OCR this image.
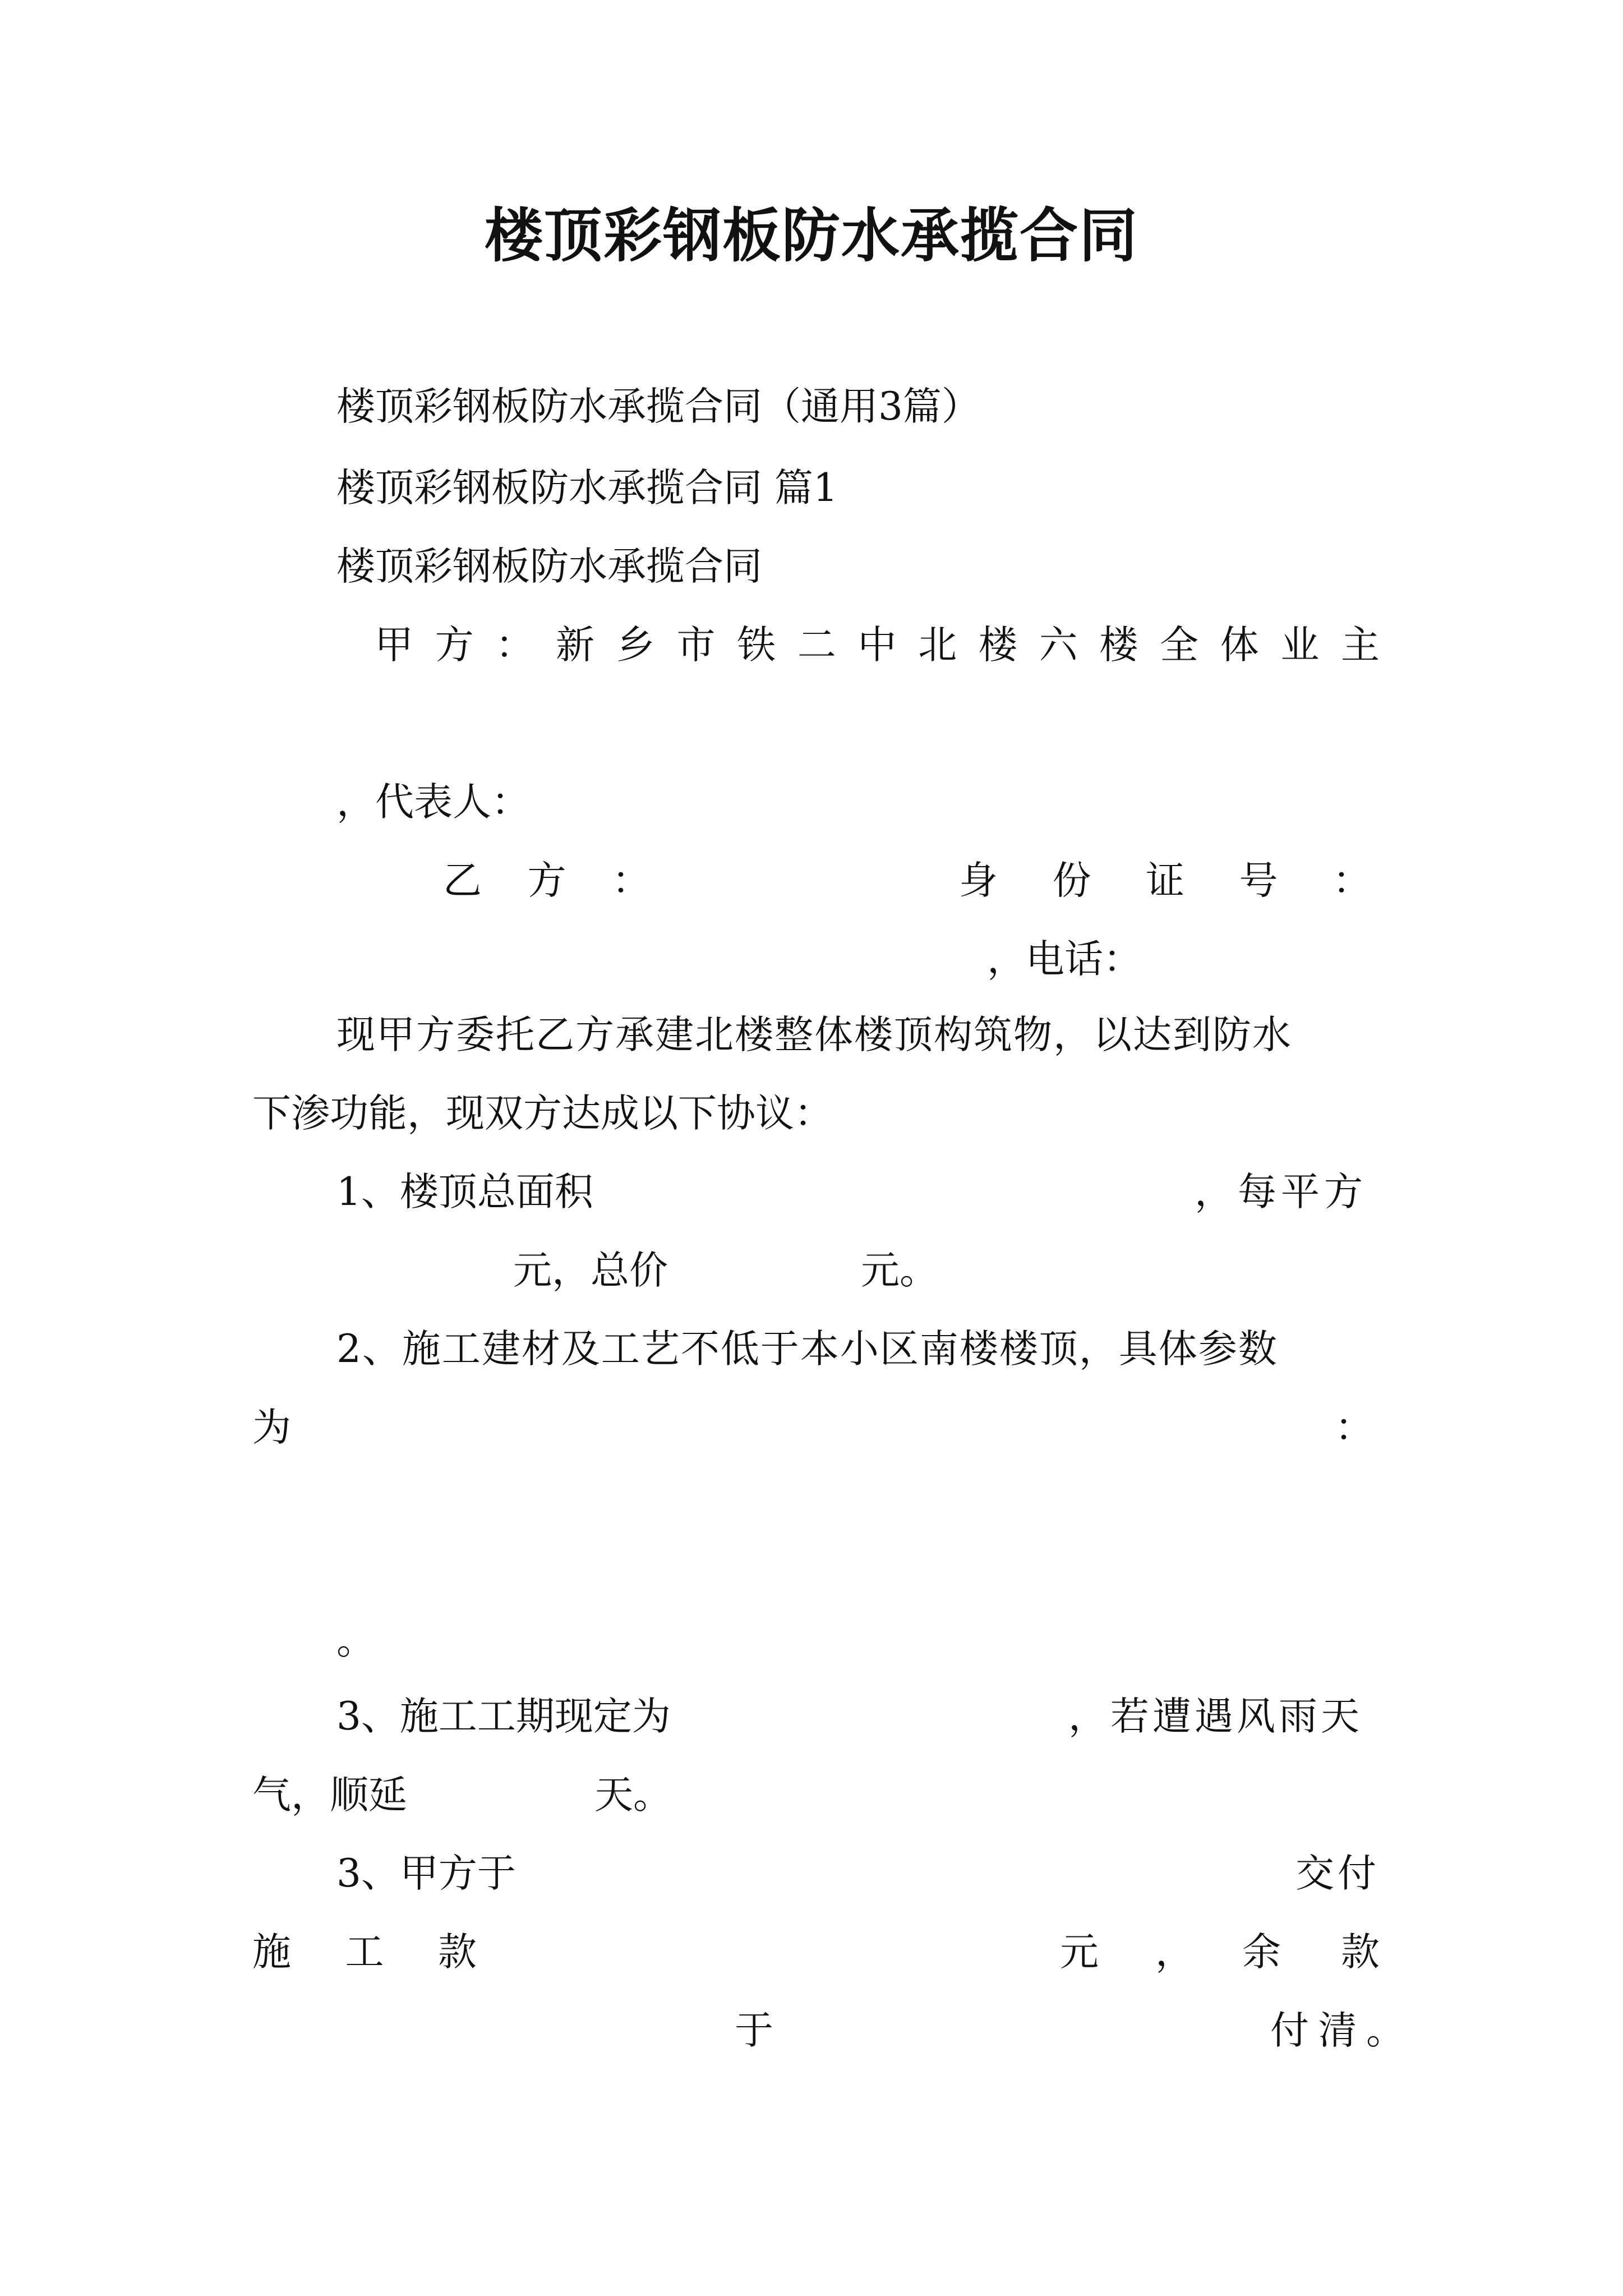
楼顶彩钢板防水承揽合同
楼顶彩钢板防水承揽合同（通用3篇）
楼顶彩钢板防水承揽合同 篇1
楼顶彩钢板防水承揽合同
甲 方 ： 新 乡 市 铁 二 中 北 楼 六 楼 全 体 业 主
，代表人：
乙 方 ：	身 份 证 号 ：
，电话：
现甲方委托乙方承建北楼整体楼顶构筑物，以达到防水
下渗功能，现双方达成以下协议：
1、楼顶总面积	，每平方
元，总价	元。
2、施工建材及工艺不低于本小区南楼楼顶，具体参数
为	：
。
3、施工工期现定为	，若遭遇风雨天
气，顺延	天。
3、甲方于	交付
施 工 款	元 ， 余 款
于	付 清 。
